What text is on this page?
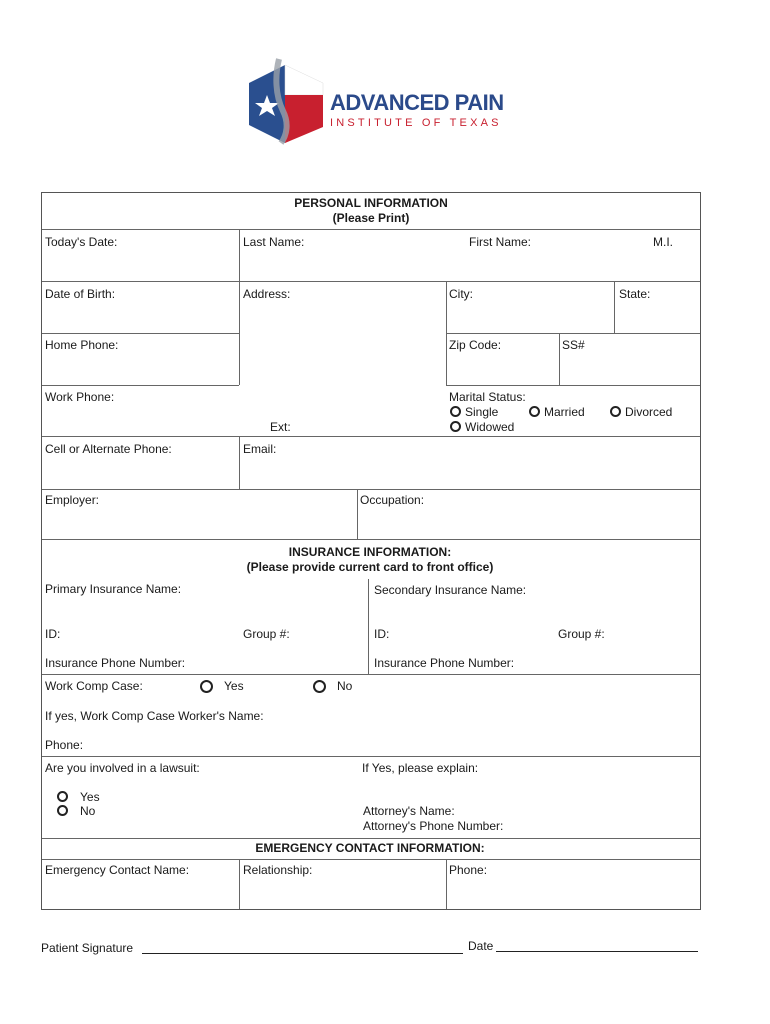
ADVANCED PAIN
INSTITUTE OF TEXAS
PERSONAL INFORMATION
(Please Print)
Today's Date:	Last Name:	First Name:	M.I.
Date of Birth:	Address:	City:	State:
Home Phone:	Zip Code:	SS#
Work Phone:
Ext:
Marital Status:
Single	Married	Divorced
Widowed
Cell or Alternate Phone:	Email:
Employer:	Occupation:
INSURANCE INFORMATION:
(Please provide current card to front office)
Primary Insurance Name:	Secondary Insurance Name:
ID:	Group #:	ID:	Group #:
Insurance Phone Number:	Insurance Phone Number:
Work Comp Case:	Yes	No
If yes, Work Comp Case Worker's Name:
Phone:
Are you involved in a lawsuit:	If Yes, please explain:
Yes
No	Attorney's Name:
Attorney's Phone Number:
EMERGENCY CONTACT INFORMATION:
Emergency Contact Name:	Relationship:	Phone:
Patient Signature	Date
